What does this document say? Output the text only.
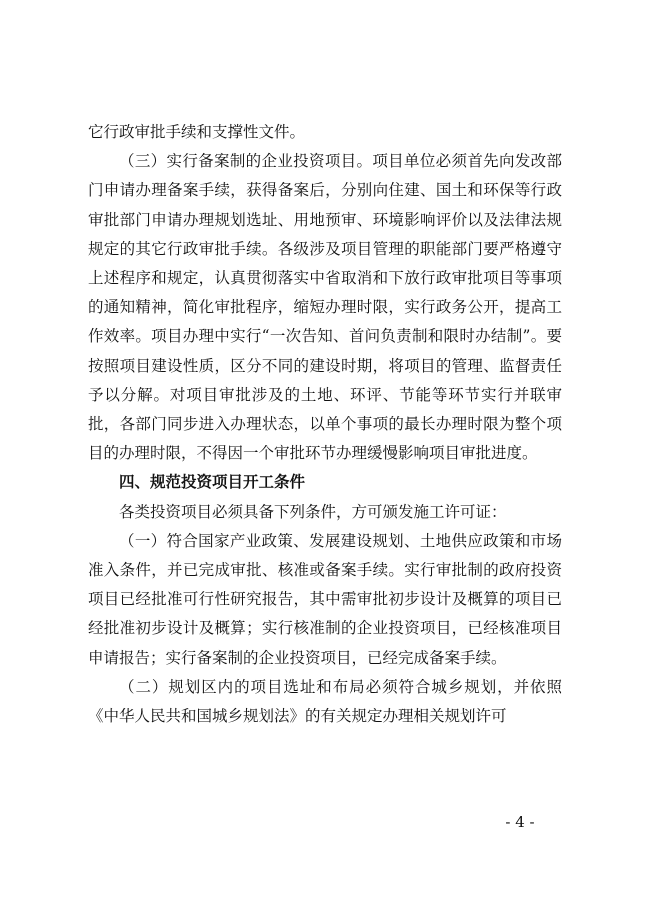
它行政审批手续和支撑性文件。

（三）实行备案制的企业投资项目。项目单位必须首先向发改部门申请办理备案手续，获得备案后，分别向住建、国土和环保等行政审批部门申请办理规划选址、用地预审、环境影响评价以及法律法规规定的其它行政审批手续。各级涉及项目管理的职能部门要严格遵守上述程序和规定，认真贯彻落实中省取消和下放行政审批项目等事项的通知精神，简化审批程序，缩短办理时限，实行政务公开，提高工作效率。项目办理中实行“一次告知、首问负责制和限时办结制”。要按照项目建设性质，区分不同的建设时期，将项目的管理、监督责任予以分解。对项目审批涉及的土地、环评、节能等环节实行并联审批，各部门同步进入办理状态，以单个事项的最长办理时限为整个项目的办理时限，不得因一个审批环节办理缓慢影响项目审批进度。

四、规范投资项目开工条件

各类投资项目必须具备下列条件，方可颁发施工许可证：

（一）符合国家产业政策、发展建设规划、土地供应政策和市场准入条件，并已完成审批、核准或备案手续。实行审批制的政府投资项目已经批准可行性研究报告，其中需审批初步设计及概算的项目已经批准初步设计及概算；实行核准制的企业投资项目，已经核准项目申请报告；实行备案制的企业投资项目，已经完成备案手续。

（二）规划区内的项目选址和布局必须符合城乡规划，并依照《中华人民共和国城乡规划法》的有关规定办理相关规划许可

- 4 -
